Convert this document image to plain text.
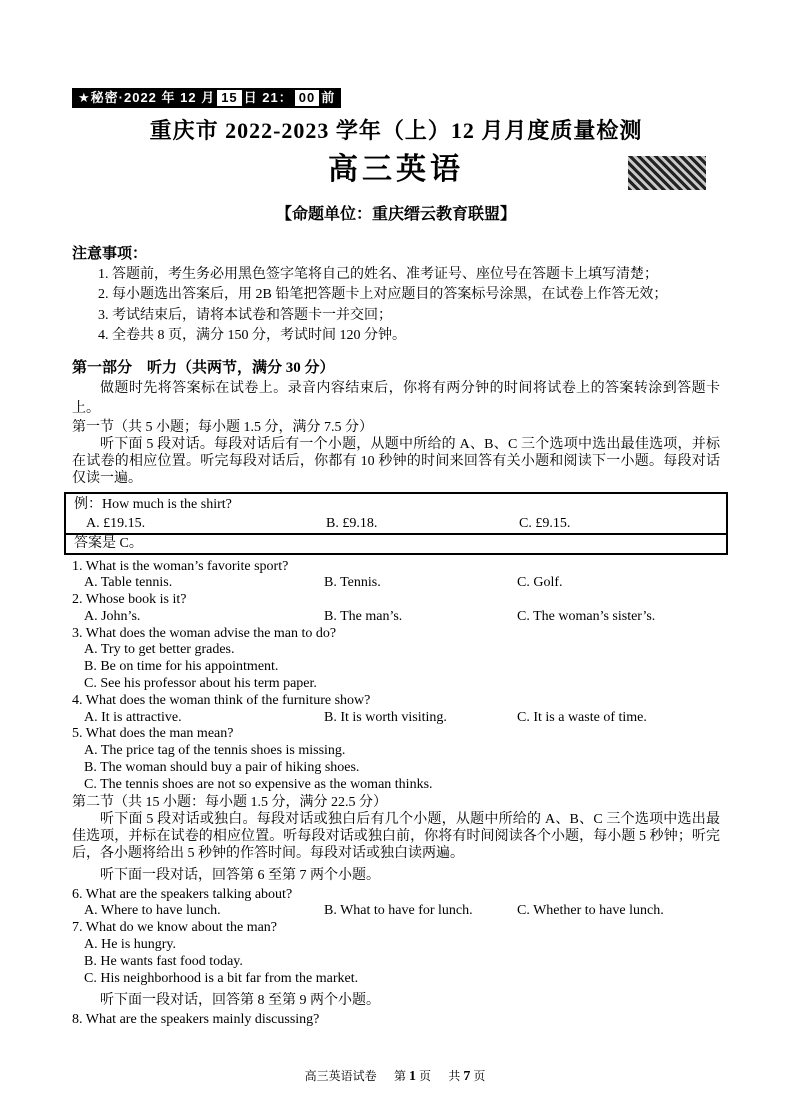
★秘密·2022 年 12 月 15 日 21： 00 前
重庆市 2022-2023 学年（上）12 月月度质量检测
高三英语
【命题单位：重庆缙云教育联盟】
注意事项：
1. 答题前，考生务必用黑色签字笔将自己的姓名、准考证号、座位号在答题卡上填写清楚；
2. 每小题选出答案后，用 2B 铅笔把答题卡上对应题目的答案标号涂黑，在试卷上作答无效；
3. 考试结束后，请将本试卷和答题卡一并交回；
4. 全卷共 8 页，满分 150 分，考试时间 120 分钟。
第一部分　听力（共两节，满分 30 分）
做题时先将答案标在试卷上。录音内容结束后，你将有两分钟的时间将试卷上的答案转涂到答题卡上。
第一节（共 5 小题；每小题 1.5 分，满分 7.5 分）
听下面 5 段对话。每段对话后有一个小题，从题中所给的 A、B、C 三个选项中选出最佳选项，并标在试卷的相应位置。听完每段对话后，你都有 10 秒钟的时间来回答有关小题和阅读下一小题。每段对话仅读一遍。
例：How much is the shirt?
A. £19.15.	B. £9.18.	C. £9.15.
答案是 C。
1. What is the woman’s favorite sport?
A. Table tennis.	B. Tennis.	C. Golf.
2. Whose book is it?
A. John’s.	B. The man’s.	C. The woman’s sister’s.
3. What does the woman advise the man to do?
A. Try to get better grades.
B. Be on time for his appointment.
C. See his professor about his term paper.
4. What does the woman think of the furniture show?
A. It is attractive.	B. It is worth visiting.	C. It is a waste of time.
5. What does the man mean?
A. The price tag of the tennis shoes is missing.
B. The woman should buy a pair of hiking shoes.
C. The tennis shoes are not so expensive as the woman thinks.
第二节（共 15 小题：每小题 1.5 分，满分 22.5 分）
听下面 5 段对话或独白。每段对话或独白后有几个小题，从题中所给的 A、B、C 三个选项中选出最佳选项，并标在试卷的相应位置。听每段对话或独白前，你将有时间阅读各个小题，每小题 5 秒钟；听完后，各小题将给出 5 秒钟的作答时间。每段对话或独白读两遍。
听下面一段对话，回答第 6 至第 7 两个小题。
6. What are the speakers talking about?
A. Where to have lunch.	B. What to have for lunch.	C. Whether to have lunch.
7. What do we know about the man?
A. He is hungry.
B. He wants fast food today.
C. His neighborhood is a bit far from the market.
听下面一段对话，回答第 8 至第 9 两个小题。
8. What are the speakers mainly discussing?
高三英语试卷 第 1 页 共 7 页
